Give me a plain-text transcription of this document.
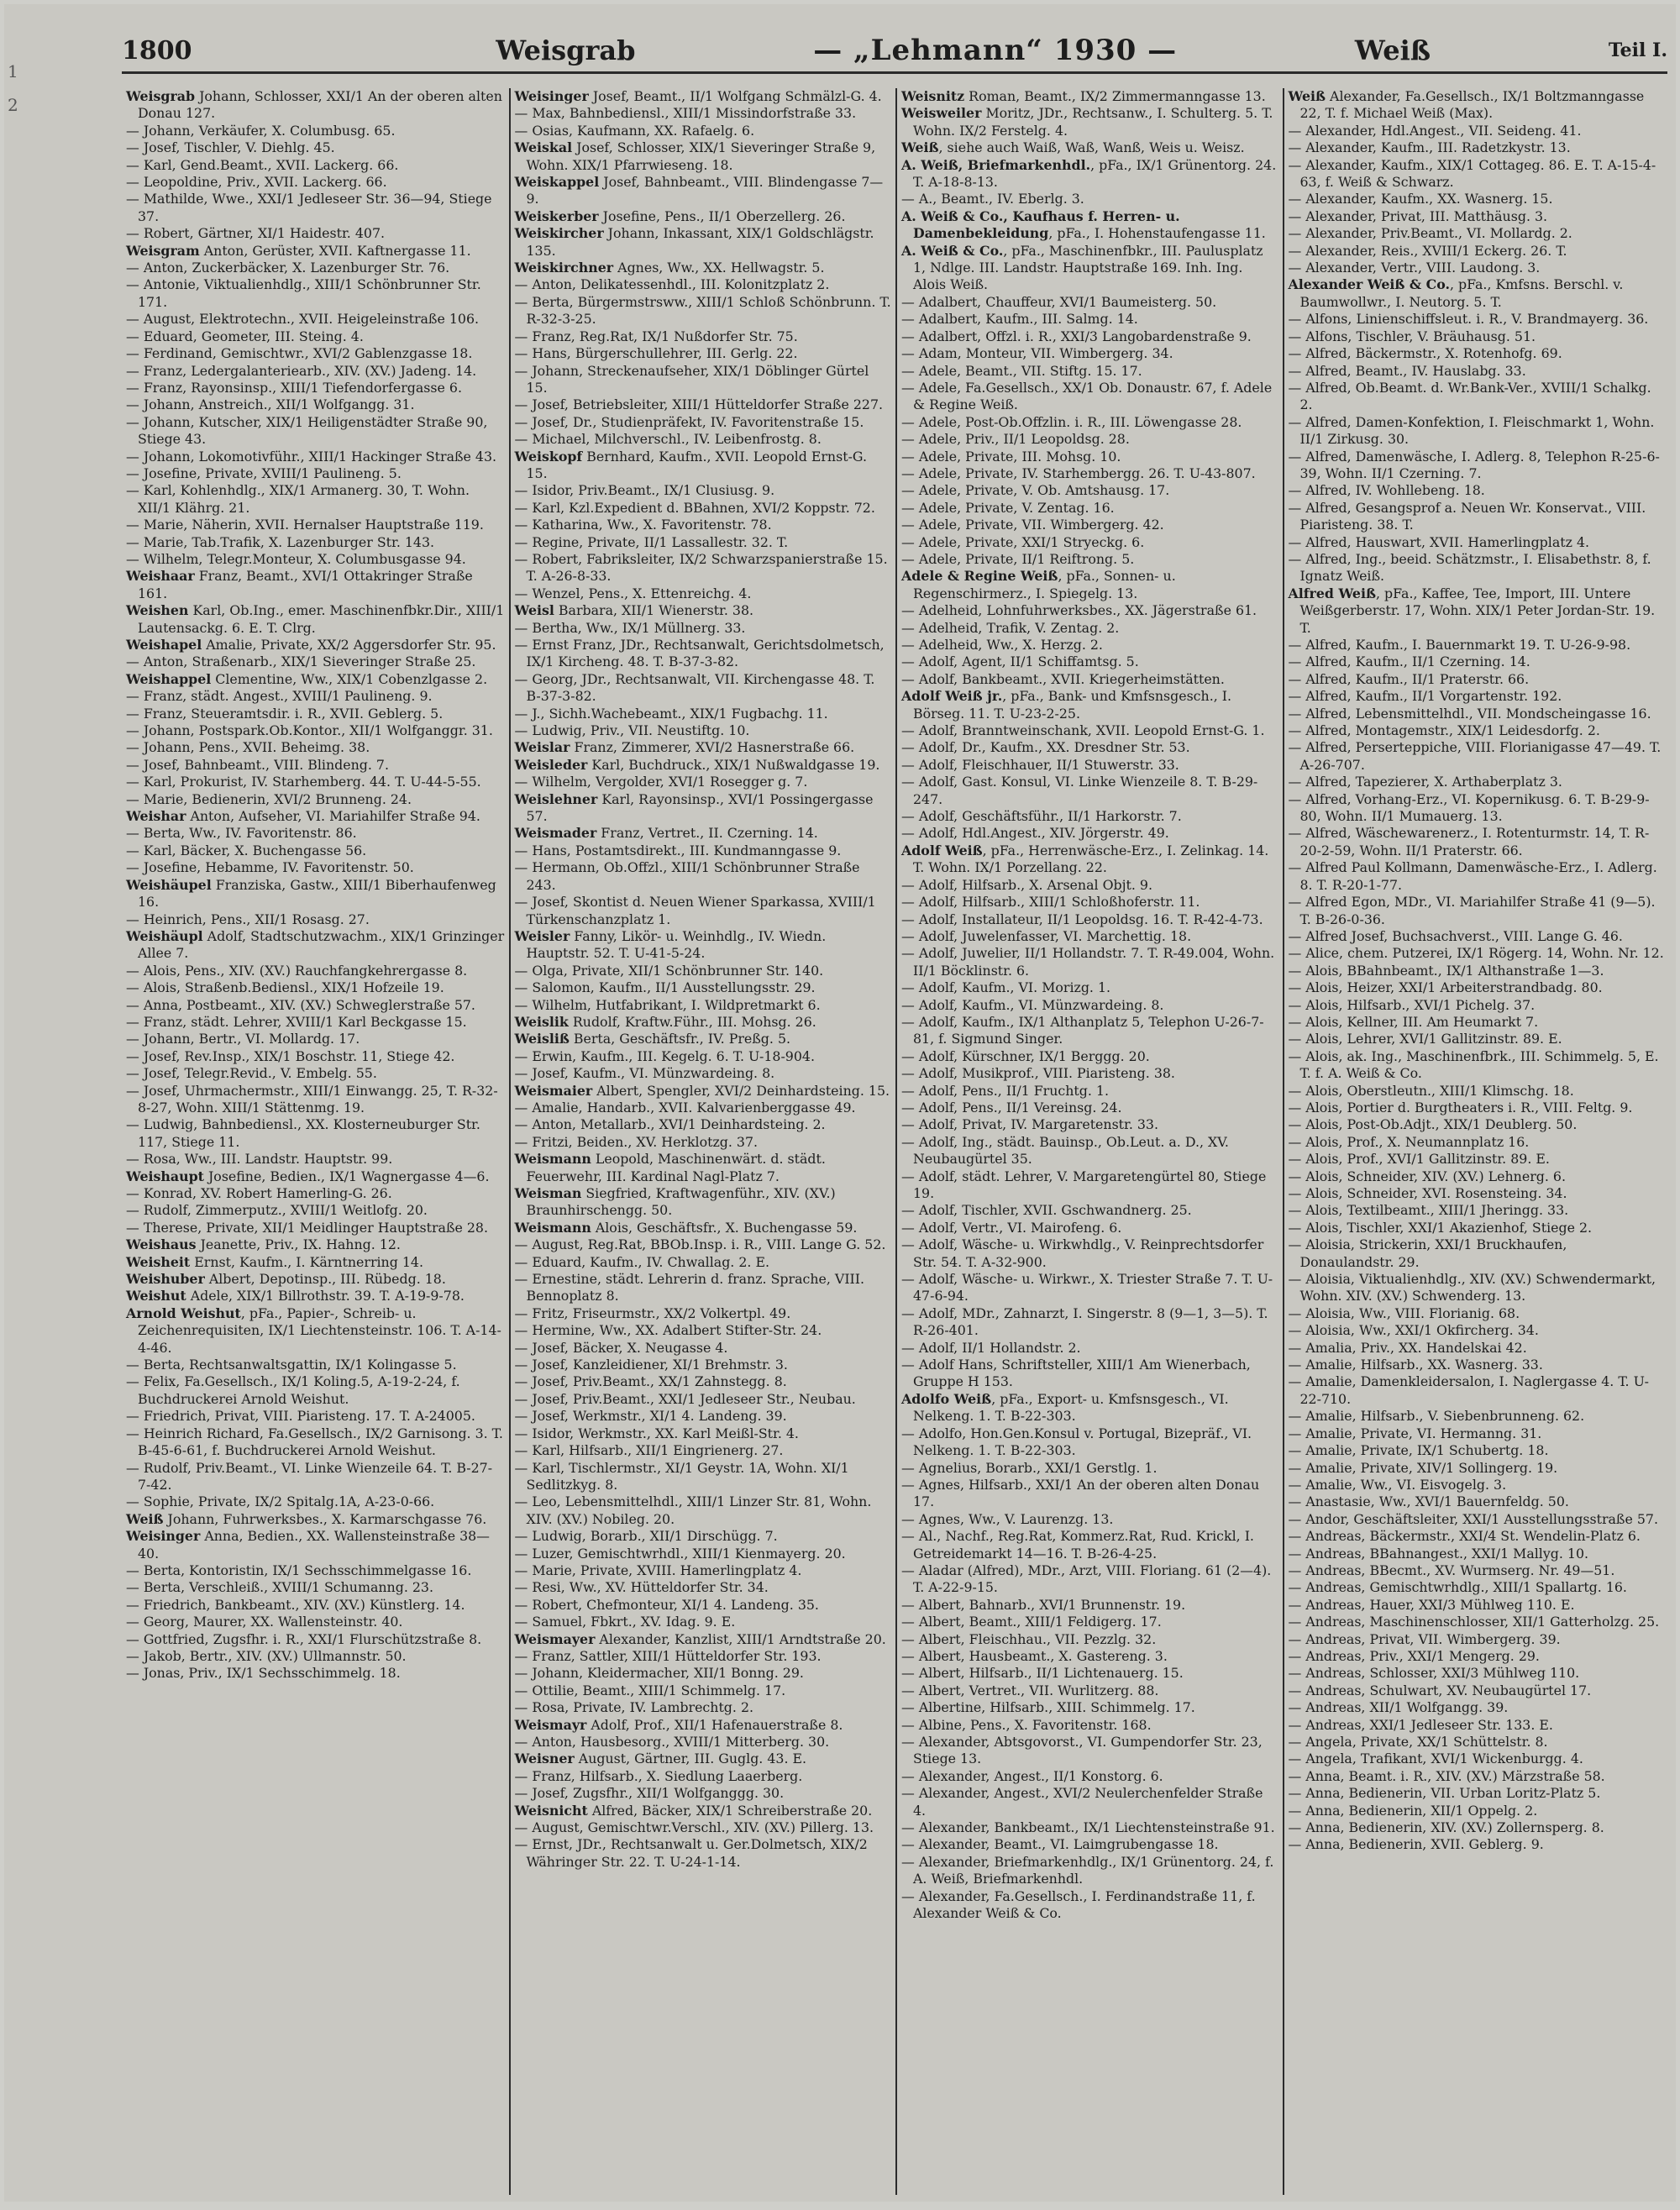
1
2
1800	Weisgrab	— „Lehmann“ 1930 —	Weiß	Teil I.

Weisgrab Johann, Schlosser, XXI/1 An der oberen alten Donau 127.

— Johann, Verkäufer, X. Columbusg. 65.

— Josef, Tischler, V. Diehlg. 45.

— Karl, Gend.Beamt., XVII. Lackerg. 66.

— Leopoldine, Priv., XVII. Lackerg. 66.

— Mathilde, Wwe., XXI/1 Jedleseer Str. 36—94, Stiege 37.

— Robert, Gärtner, XI/1 Haidestr. 407.

Weisgram Anton, Gerüster, XVII. Kaftnergasse 11.

— Anton, Zuckerbäcker, X. Lazenburger Str. 76.

— Antonie, Viktualienhdlg., XIII/1 Schönbrunner Str. 171.

— August, Elektrotechn., XVII. Heigeleinstraße 106.

— Eduard, Geometer, III. Steing. 4.

— Ferdinand, Gemischtwr., XVI/2 Gablenzgasse 18.

— Franz, Ledergalanteriearb., XIV. (XV.) Jadeng. 14.

— Franz, Rayonsinsp., XIII/1 Tiefendorfergasse 6.

— Johann, Anstreich., XII/1 Wolfgangg. 31.

— Johann, Kutscher, XIX/1 Heiligenstädter Straße 90, Stiege 43.

— Johann, Lokomotivführ., XIII/1 Hackinger Straße 43.

— Josefine, Private, XVIII/1 Paulineng. 5.

— Karl, Kohlenhdlg., XIX/1 Armanerg. 30, T. Wohn. XII/1 Klährg. 21.

— Marie, Näherin, XVII. Hernalser Hauptstraße 119.

— Marie, Tab.Trafik, X. Lazenburger Str. 143.

— Wilhelm, Telegr.Monteur, X. Columbusgasse 94.

Weishaar Franz, Beamt., XVI/1 Ottakringer Straße 161.

Weishen Karl, Ob.Ing., emer. Maschinenfbkr.Dir., XIII/1 Lautensackg. 6. E. T. Clrg.

Weishapel Amalie, Private, XX/2 Aggersdorfer Str. 95.

— Anton, Straßenarb., XIX/1 Sieveringer Straße 25.

Weishappel Clementine, Ww., XIX/1 Cobenzlgasse 2.

— Franz, städt. Angest., XVIII/1 Paulineng. 9.

— Franz, Steueramtsdir. i. R., XVII. Geblerg. 5.

— Johann, Postspark.Ob.Kontor., XII/1 Wolfganggr. 31.

— Johann, Pens., XVII. Beheimg. 38.

— Josef, Bahnbeamt., VIII. Blindeng. 7.

— Karl, Prokurist, IV. Starhemberg. 44. T. U-44-5-55.

— Marie, Bedienerin, XVI/2 Brunneng. 24.

Weishar Anton, Aufseher, VI. Mariahilfer Straße 94.

— Berta, Ww., IV. Favoritenstr. 86.

— Karl, Bäcker, X. Buchengasse 56.

— Josefine, Hebamme, IV. Favoritenstr. 50.

Weishäupel Franziska, Gastw., XIII/1 Biberhaufenweg 16.

— Heinrich, Pens., XII/1 Rosasg. 27.

Weishäupl Adolf, Stadtschutzwachm., XIX/1 Grinzinger Allee 7.

— Alois, Pens., XIV. (XV.) Rauchfangkehrergasse 8.

— Alois, Straßenb.Bediensl., XIX/1 Hofzeile 19.

— Anna, Postbeamt., XIV. (XV.) Schweglerstraße 57.

— Franz, städt. Lehrer, XVIII/1 Karl Beckgasse 15.

— Johann, Bertr., VI. Mollardg. 17.

— Josef, Rev.Insp., XIX/1 Boschstr. 11, Stiege 42.

— Josef, Telegr.Revid., V. Embelg. 55.

— Josef, Uhrmachermstr., XIII/1 Einwangg. 25, T. R-32-8-27, Wohn. XIII/1 Stättenmg. 19.

— Ludwig, Bahnbediensl., XX. Klosterneuburger Str. 117, Stiege 11.

— Rosa, Ww., III. Landstr. Hauptstr. 99.

Weishaupt Josefine, Bedien., IX/1 Wagnergasse 4—6.

— Konrad, XV. Robert Hamerling-G. 26.

— Rudolf, Zimmerputz., XVIII/1 Weitlofg. 20.

— Therese, Private, XII/1 Meidlinger Hauptstraße 28.

Weishaus Jeanette, Priv., IX. Hahng. 12.

Weisheit Ernst, Kaufm., I. Kärntnerring 14.

Weishuber Albert, Depotinsp., III. Rübedg. 18.

Weishut Adele, XIX/1 Billrothstr. 39. T. A-19-9-78.

Arnold Weishut, pFa., Papier-, Schreib- u. Zeichenrequisiten, IX/1 Liechtensteinstr. 106. T. A-14-4-46.

— Berta, Rechtsanwaltsgattin, IX/1 Kolingasse 5.

— Felix, Fa.Gesellsch., IX/1 Koling.5, A-19-2-24, f. Buchdruckerei Arnold Weishut.

— Friedrich, Privat, VIII. Piaristeng. 17. T. A-24005.

— Heinrich Richard, Fa.Gesellsch., IX/2 Garnisong. 3. T. B-45-6-61, f. Buchdruckerei Arnold Weishut.

— Rudolf, Priv.Beamt., VI. Linke Wienzeile 64. T. B-27-7-42.

— Sophie, Private, IX/2 Spitalg.1A, A-23-0-66.

Weiß Johann, Fuhrwerksbes., X. Karmarschgasse 76.

Weisinger Anna, Bedien., XX. Wallensteinstraße 38—40.

— Berta, Kontoristin, IX/1 Sechsschimmelgasse 16.

— Berta, Verschleiß., XVIII/1 Schumanng. 23.

— Friedrich, Bankbeamt., XIV. (XV.) Künstlerg. 14.

— Georg, Maurer, XX. Wallensteinstr. 40.

— Gottfried, Zugsfhr. i. R., XXI/1 Flurschützstraße 8.

— Jakob, Bertr., XIV. (XV.) Ullmannstr. 50.

— Jonas, Priv., IX/1 Sechsschimmelg. 18.

Weisinger Josef, Beamt., II/1 Wolfgang Schmälzl-G. 4.

— Max, Bahnbediensl., XIII/1 Missindorfstraße 33.

— Osias, Kaufmann, XX. Rafaelg. 6.

Weiskal Josef, Schlosser, XIX/1 Sieveringer Straße 9, Wohn. XIX/1 Pfarrwieseng. 18.

Weiskappel Josef, Bahnbeamt., VIII. Blindengasse 7—9.

Weiskerber Josefine, Pens., II/1 Oberzellerg. 26.

Weiskircher Johann, Inkassant, XIX/1 Goldschlägstr. 135.

Weiskirchner Agnes, Ww., XX. Hellwagstr. 5.

— Anton, Delikatessenhdl., III. Kolonitzplatz 2.

— Berta, Bürgermstrsww., XIII/1 Schloß Schönbrunn. T. R-32-3-25.

— Franz, Reg.Rat, IX/1 Nußdorfer Str. 75.

— Hans, Bürgerschullehrer, III. Gerlg. 22.

— Johann, Streckenaufseher, XIX/1 Döblinger Gürtel 15.

— Josef, Betriebsleiter, XIII/1 Hütteldorfer Straße 227.

— Josef, Dr., Studienpräfekt, IV. Favoritenstraße 15.

— Michael, Milchverschl., IV. Leibenfrostg. 8.

Weiskopf Bernhard, Kaufm., XVII. Leopold Ernst-G. 15.

— Isidor, Priv.Beamt., IX/1 Clusiusg. 9.

— Karl, Kzl.Expedient d. BBahnen, XVI/2 Koppstr. 72.

— Katharina, Ww., X. Favoritenstr. 78.

— Regine, Private, II/1 Lassallestr. 32. T.

— Robert, Fabriksleiter, IX/2 Schwarzspanierstraße 15. T. A-26-8-33.

— Wenzel, Pens., X. Ettenreichg. 4.

Weisl Barbara, XII/1 Wienerstr. 38.

— Bertha, Ww., IX/1 Müllnerg. 33.

— Ernst Franz, JDr., Rechtsanwalt, Gerichtsdolmetsch, IX/1 Kircheng. 48. T. B-37-3-82.

— Georg, JDr., Rechtsanwalt, VII. Kirchengasse 48. T. B-37-3-82.

— J., Sichh.Wachebeamt., XIX/1 Fugbachg. 11.

— Ludwig, Priv., VII. Neustiftg. 10.

Weislar Franz, Zimmerer, XVI/2 Hasnerstraße 66.

Weisleder Karl, Buchdruck., XIX/1 Nußwaldgasse 19.

— Wilhelm, Vergolder, XVI/1 Rosegger g. 7.

Weislehner Karl, Rayonsinsp., XVI/1 Possingergasse 57.

Weismader Franz, Vertret., II. Czerning. 14.

— Hans, Postamtsdirekt., III. Kundmanngasse 9.

— Hermann, Ob.Offzl., XIII/1 Schönbrunner Straße 243.

— Josef, Skontist d. Neuen Wiener Sparkassa, XVIII/1 Türkenschanzplatz 1.

Weisler Fanny, Likör- u. Weinhdlg., IV. Wiedn. Hauptstr. 52. T. U-41-5-24.

— Olga, Private, XII/1 Schönbrunner Str. 140.

— Salomon, Kaufm., II/1 Ausstellungsstr. 29.

— Wilhelm, Hutfabrikant, I. Wildpretmarkt 6.

Weislik Rudolf, Kraftw.Führ., III. Mohsg. 26.

Weisliß Berta, Geschäftsfr., IV. Preßg. 5.

— Erwin, Kaufm., III. Kegelg. 6. T. U-18-904.

— Josef, Kaufm., VI. Münzwardeing. 8.

Weismaier Albert, Spengler, XVI/2 Deinhardsteing. 15.

— Amalie, Handarb., XVII. Kalvarienberggasse 49.

— Anton, Metallarb., XVI/1 Deinhardsteing. 2.

— Fritzi, Beiden., XV. Herklotzg. 37.

Weismann Leopold, Maschinenwärt. d. städt. Feuerwehr, III. Kardinal Nagl-Platz 7.

Weisman Siegfried, Kraftwagenführ., XIV. (XV.) Braunhirschengg. 50.

Weismann Alois, Geschäftsfr., X. Buchengasse 59.

— August, Reg.Rat, BBOb.Insp. i. R., VIII. Lange G. 52.

— Eduard, Kaufm., IV. Chwallag. 2. E.

— Ernestine, städt. Lehrerin d. franz. Sprache, VIII. Bennoplatz 8.

— Fritz, Friseurmstr., XX/2 Volkertpl. 49.

— Hermine, Ww., XX. Adalbert Stifter-Str. 24.

— Josef, Bäcker, X. Neugasse 4.

— Josef, Kanzleidiener, XI/1 Brehmstr. 3.

— Josef, Priv.Beamt., XX/1 Zahnstegg. 8.

— Josef, Priv.Beamt., XXI/1 Jedleseer Str., Neubau.

— Josef, Werkmstr., XI/1 4. Landeng. 39.

— Isidor, Werkmstr., XX. Karl Meißl-Str. 4.

— Karl, Hilfsarb., XII/1 Eingrienerg. 27.

— Karl, Tischlermstr., XI/1 Geystr. 1A, Wohn. XI/1 Sedlitzkyg. 8.

— Leo, Lebensmittelhdl., XIII/1 Linzer Str. 81, Wohn. XIV. (XV.) Nobileg. 20.

— Ludwig, Borarb., XII/1 Dirschügg. 7.

— Luzer, Gemischtwrhdl., XIII/1 Kienmayerg. 20.

— Marie, Private, XVIII. Hamerlingplatz 4.

— Resi, Ww., XV. Hütteldorfer Str. 34.

— Robert, Chefmonteur, XI/1 4. Landeng. 35.

— Samuel, Fbkrt., XV. Idag. 9. E.

Weismayer Alexander, Kanzlist, XIII/1 Arndtstraße 20.

— Franz, Sattler, XIII/1 Hütteldorfer Str. 193.

— Johann, Kleidermacher, XII/1 Bonng. 29.

— Ottilie, Beamt., XIII/1 Schimmelg. 17.

— Rosa, Private, IV. Lambrechtg. 2.

Weismayr Adolf, Prof., XII/1 Hafenauerstraße 8.

— Anton, Hausbesorg., XVIII/1 Mitterberg. 30.

Weisner August, Gärtner, III. Guglg. 43. E.

— Franz, Hilfsarb., X. Siedlung Laaerberg.

— Josef, Zugsfhr., XII/1 Wolfganggg. 30.

Weisnicht Alfred, Bäcker, XIX/1 Schreiberstraße 20.

— August, Gemischtwr.Verschl., XIV. (XV.) Pillerg. 13.

— Ernst, JDr., Rechtsanwalt u. Ger.Dolmetsch, XIX/2 Währinger Str. 22. T. U-24-1-14.

Weisnitz Roman, Beamt., IX/2 Zimmermanngasse 13.

Weisweiler Moritz, JDr., Rechtsanw., I. Schulterg. 5. T. Wohn. IX/2 Ferstelg. 4.

Weiß, siehe auch Waiß, Waß, Wanß, Weis u. Weisz.

A. Weiß, Briefmarkenhdl., pFa., IX/1 Grünentorg. 24. T. A-18-8-13.

— A., Beamt., IV. Eberlg. 3.

A. Weiß & Co., Kaufhaus f. Herren- u. Damenbekleidung, pFa., I. Hohenstaufengasse 11.

A. Weiß & Co., pFa., Maschinenfbkr., III. Paulusplatz 1, Ndlge. III. Landstr. Hauptstraße 169. Inh. Ing. Alois Weiß.

— Adalbert, Chauffeur, XVI/1 Baumeisterg. 50.

— Adalbert, Kaufm., III. Salmg. 14.

— Adalbert, Offzl. i. R., XXI/3 Langobardenstraße 9.

— Adam, Monteur, VII. Wimbergerg. 34.

— Adele, Beamt., VII. Stiftg. 15. 17.

— Adele, Fa.Gesellsch., XX/1 Ob. Donaustr. 67, f. Adele & Regine Weiß.

— Adele, Post-Ob.Offzlin. i. R., III. Löwengasse 28.

— Adele, Priv., II/1 Leopoldsg. 28.

— Adele, Private, III. Mohsg. 10.

— Adele, Private, IV. Starhembergg. 26. T. U-43-807.

— Adele, Private, V. Ob. Amtshausg. 17.

— Adele, Private, V. Zentag. 16.

— Adele, Private, VII. Wimbergerg. 42.

— Adele, Private, XXI/1 Stryeckg. 6.

— Adele, Private, II/1 Reiftrong. 5.

Adele & Regine Weiß, pFa., Sonnen- u. Regenschirmerz., I. Spiegelg. 13.

— Adelheid, Lohnfuhrwerksbes., XX. Jägerstraße 61.

— Adelheid, Trafik, V. Zentag. 2.

— Adelheid, Ww., X. Herzg. 2.

— Adolf, Agent, II/1 Schiffamtsg. 5.

— Adolf, Bankbeamt., XVII. Kriegerheimstätten.

Adolf Weiß jr., pFa., Bank- und Kmfsnsgesch., I. Börseg. 11. T. U-23-2-25.

— Adolf, Branntweinschank, XVII. Leopold Ernst-G. 1.

— Adolf, Dr., Kaufm., XX. Dresdner Str. 53.

— Adolf, Fleischhauer, II/1 Stuwerstr. 33.

— Adolf, Gast. Konsul, VI. Linke Wienzeile 8. T. B-29-247.

— Adolf, Geschäftsführ., II/1 Harkorstr. 7.

— Adolf, Hdl.Angest., XIV. Jörgerstr. 49.

Adolf Weiß, pFa., Herrenwäsche-Erz., I. Zelinkag. 14. T. Wohn. IX/1 Porzellang. 22.

— Adolf, Hilfsarb., X. Arsenal Objt. 9.

— Adolf, Hilfsarb., XIII/1 Schloßhoferstr. 11.

— Adolf, Installateur, II/1 Leopoldsg. 16. T. R-42-4-73.

— Adolf, Juwelenfasser, VI. Marchettig. 18.

— Adolf, Juwelier, II/1 Hollandstr. 7. T. R-49.004, Wohn. II/1 Böcklinstr. 6.

— Adolf, Kaufm., VI. Morizg. 1.

— Adolf, Kaufm., VI. Münzwardeing. 8.

— Adolf, Kaufm., IX/1 Althanplatz 5, Telephon U-26-7-81, f. Sigmund Singer.

— Adolf, Kürschner, IX/1 Berggg. 20.

— Adolf, Musikprof., VIII. Piaristeng. 38.

— Adolf, Pens., II/1 Fruchtg. 1.

— Adolf, Pens., II/1 Vereinsg. 24.

— Adolf, Privat, IV. Margaretenstr. 33.

— Adolf, Ing., städt. Bauinsp., Ob.Leut. a. D., XV. Neubaugürtel 35.

— Adolf, städt. Lehrer, V. Margaretengürtel 80, Stiege 19.

— Adolf, Tischler, XVII. Gschwandnerg. 25.

— Adolf, Vertr., VI. Mairofeng. 6.

— Adolf, Wäsche- u. Wirkwhdlg., V. Reinprechtsdorfer Str. 54. T. A-32-900.

— Adolf, Wäsche- u. Wirkwr., X. Triester Straße 7. T. U-47-6-94.

— Adolf, MDr., Zahnarzt, I. Singerstr. 8 (9—1, 3—5). T. R-26-401.

— Adolf, II/1 Hollandstr. 2.

— Adolf Hans, Schriftsteller, XIII/1 Am Wienerbach, Gruppe H 153.

Adolfo Weiß, pFa., Export- u. Kmfsnsgesch., VI. Nelkeng. 1. T. B-22-303.

— Adolfo, Hon.Gen.Konsul v. Portugal, Bizepräf., VI. Nelkeng. 1. T. B-22-303.

— Agnelius, Borarb., XXI/1 Gerstlg. 1.

— Agnes, Hilfsarb., XXI/1 An der oberen alten Donau 17.

— Agnes, Ww., V. Laurenzg. 13.

— Al., Nachf., Reg.Rat, Kommerz.Rat, Rud. Krickl, I. Getreidemarkt 14—16. T. B-26-4-25.

— Aladar (Alfred), MDr., Arzt, VIII. Floriang. 61 (2—4). T. A-22-9-15.

— Albert, Bahnarb., XVI/1 Brunnenstr. 19.

— Albert, Beamt., XIII/1 Feldigerg. 17.

— Albert, Fleischhau., VII. Pezzlg. 32.

— Albert, Hausbeamt., X. Gastereng. 3.

— Albert, Hilfsarb., II/1 Lichtenauerg. 15.

— Albert, Vertret., VII. Wurlitzerg. 88.

— Albertine, Hilfsarb., XIII. Schimmelg. 17.

— Albine, Pens., X. Favoritenstr. 168.

— Alexander, Abtsgovorst., VI. Gumpendorfer Str. 23, Stiege 13.

— Alexander, Angest., II/1 Konstorg. 6.

— Alexander, Angest., XVI/2 Neulerchenfelder Straße 4.

— Alexander, Bankbeamt., IX/1 Liechtensteinstraße 91.

— Alexander, Beamt., VI. Laimgrubengasse 18.

— Alexander, Briefmarkenhdlg., IX/1 Grünentorg. 24, f. A. Weiß, Briefmarkenhdl.

— Alexander, Fa.Gesellsch., I. Ferdinandstraße 11, f. Alexander Weiß & Co.

Weiß Alexander, Fa.Gesellsch., IX/1 Boltzmanngasse 22, T. f. Michael Weiß (Max).

— Alexander, Hdl.Angest., VII. Seideng. 41.

— Alexander, Kaufm., III. Radetzkystr. 13.

— Alexander, Kaufm., XIX/1 Cottageg. 86. E. T. A-15-4-63, f. Weiß & Schwarz.

— Alexander, Kaufm., XX. Wasnerg. 15.

— Alexander, Privat, III. Matthäusg. 3.

— Alexander, Priv.Beamt., VI. Mollardg. 2.

— Alexander, Reis., XVIII/1 Eckerg. 26. T.

— Alexander, Vertr., VIII. Laudong. 3.

Alexander Weiß & Co., pFa., Kmfsns. Berschl. v. Baumwollwr., I. Neutorg. 5. T.

— Alfons, Linienschiffsleut. i. R., V. Brandmayerg. 36.

— Alfons, Tischler, V. Bräuhausg. 51.

— Alfred, Bäckermstr., X. Rotenhofg. 69.

— Alfred, Beamt., IV. Hauslabg. 33.

— Alfred, Ob.Beamt. d. Wr.Bank-Ver., XVIII/1 Schalkg. 2.

— Alfred, Damen-Konfektion, I. Fleischmarkt 1, Wohn. II/1 Zirkusg. 30.

— Alfred, Damenwäsche, I. Adlerg. 8, Telephon R-25-6-39, Wohn. II/1 Czerning. 7.

— Alfred, IV. Wohllebeng. 18.

— Alfred, Gesangsprof a. Neuen Wr. Konservat., VIII. Piaristeng. 38. T.

— Alfred, Hauswart, XVII. Hamerlingplatz 4.

— Alfred, Ing., beeid. Schätzmstr., I. Elisabethstr. 8, f. Ignatz Weiß.

Alfred Weiß, pFa., Kaffee, Tee, Import, III. Untere Weißgerberstr. 17, Wohn. XIX/1 Peter Jordan-Str. 19. T.

— Alfred, Kaufm., I. Bauernmarkt 19. T. U-26-9-98.

— Alfred, Kaufm., II/1 Czerning. 14.

— Alfred, Kaufm., II/1 Praterstr. 66.

— Alfred, Kaufm., II/1 Vorgartenstr. 192.

— Alfred, Lebensmittelhdl., VII. Mondscheingasse 16.

— Alfred, Montagemstr., XIX/1 Leidesdorfg. 2.

— Alfred, Perserteppiche, VIII. Florianigasse 47—49. T. A-26-707.

— Alfred, Tapezierer, X. Arthaberplatz 3.

— Alfred, Vorhang-Erz., VI. Kopernikusg. 6. T. B-29-9-80, Wohn. II/1 Mumauerg. 13.

— Alfred, Wäschewarenerz., I. Rotenturmstr. 14, T. R-20-2-59, Wohn. II/1 Praterstr. 66.

— Alfred Paul Kollmann, Damenwäsche-Erz., I. Adlerg. 8. T. R-20-1-77.

— Alfred Egon, MDr., VI. Mariahilfer Straße 41 (9—5). T. B-26-0-36.

— Alfred Josef, Buchsachverst., VIII. Lange G. 46.

— Alice, chem. Putzerei, IX/1 Rögerg. 14, Wohn. Nr. 12.

— Alois, BBahnbeamt., IX/1 Althanstraße 1—3.

— Alois, Heizer, XXI/1 Arbeiterstrandbadg. 80.

— Alois, Hilfsarb., XVI/1 Pichelg. 37.

— Alois, Kellner, III. Am Heumarkt 7.

— Alois, Lehrer, XVI/1 Gallitzinstr. 89. E.

— Alois, ak. Ing., Maschinenfbrk., III. Schimmelg. 5, E. T. f. A. Weiß & Co.

— Alois, Oberstleutn., XIII/1 Klimschg. 18.

— Alois, Portier d. Burgtheaters i. R., VIII. Feltg. 9.

— Alois, Post-Ob.Adjt., XIX/1 Deublerg. 50.

— Alois, Prof., X. Neumannplatz 16.

— Alois, Prof., XVI/1 Gallitzinstr. 89. E.

— Alois, Schneider, XIV. (XV.) Lehnerg. 6.

— Alois, Schneider, XVI. Rosensteing. 34.

— Alois, Textilbeamt., XIII/1 Jheringg. 33.

— Alois, Tischler, XXI/1 Akazienhof, Stiege 2.

— Aloisia, Strickerin, XXI/1 Bruckhaufen, Donaulandstr. 29.

— Aloisia, Viktualienhdlg., XIV. (XV.) Schwendermarkt, Wohn. XIV. (XV.) Schwenderg. 13.

— Aloisia, Ww., VIII. Florianig. 68.

— Aloisia, Ww., XXI/1 Okfircherg. 34.

— Amalia, Priv., XX. Handelskai 42.

— Amalie, Hilfsarb., XX. Wasnerg. 33.

— Amalie, Damenkleidersalon, I. Naglergasse 4. T. U-22-710.

— Amalie, Hilfsarb., V. Siebenbrunneng. 62.

— Amalie, Private, VI. Hermanng. 31.

— Amalie, Private, IX/1 Schubertg. 18.

— Amalie, Private, XIV/1 Sollingerg. 19.

— Amalie, Ww., VI. Eisvogelg. 3.

— Anastasie, Ww., XVI/1 Bauernfeldg. 50.

— Andor, Geschäftsleiter, XXI/1 Ausstellungsstraße 57.

— Andreas, Bäckermstr., XXI/4 St. Wendelin-Platz 6.

— Andreas, BBahnangest., XXI/1 Mallyg. 10.

— Andreas, BBecmt., XV. Wurmserg. Nr. 49—51.

— Andreas, Gemischtwrhdlg., XIII/1 Spallartg. 16.

— Andreas, Hauer, XXI/3 Mühlweg 110. E.

— Andreas, Maschinenschlosser, XII/1 Gatterholzg. 25.

— Andreas, Privat, VII. Wimbergerg. 39.

— Andreas, Priv., XXI/1 Mengerg. 29.

— Andreas, Schlosser, XXI/3 Mühlweg 110.

— Andreas, Schulwart, XV. Neubaugürtel 17.

— Andreas, XII/1 Wolfgangg. 39.

— Andreas, XXI/1 Jedleseer Str. 133. E.

— Angela, Private, XX/1 Schüttelstr. 8.

— Angela, Trafikant, XVI/1 Wickenburgg. 4.

— Anna, Beamt. i. R., XIV. (XV.) Märzstraße 58.

— Anna, Bedienerin, VII. Urban Loritz-Platz 5.

— Anna, Bedienerin, XII/1 Oppelg. 2.

— Anna, Bedienerin, XIV. (XV.) Zollernsperg. 8.

— Anna, Bedienerin, XVII. Geblerg. 9.
